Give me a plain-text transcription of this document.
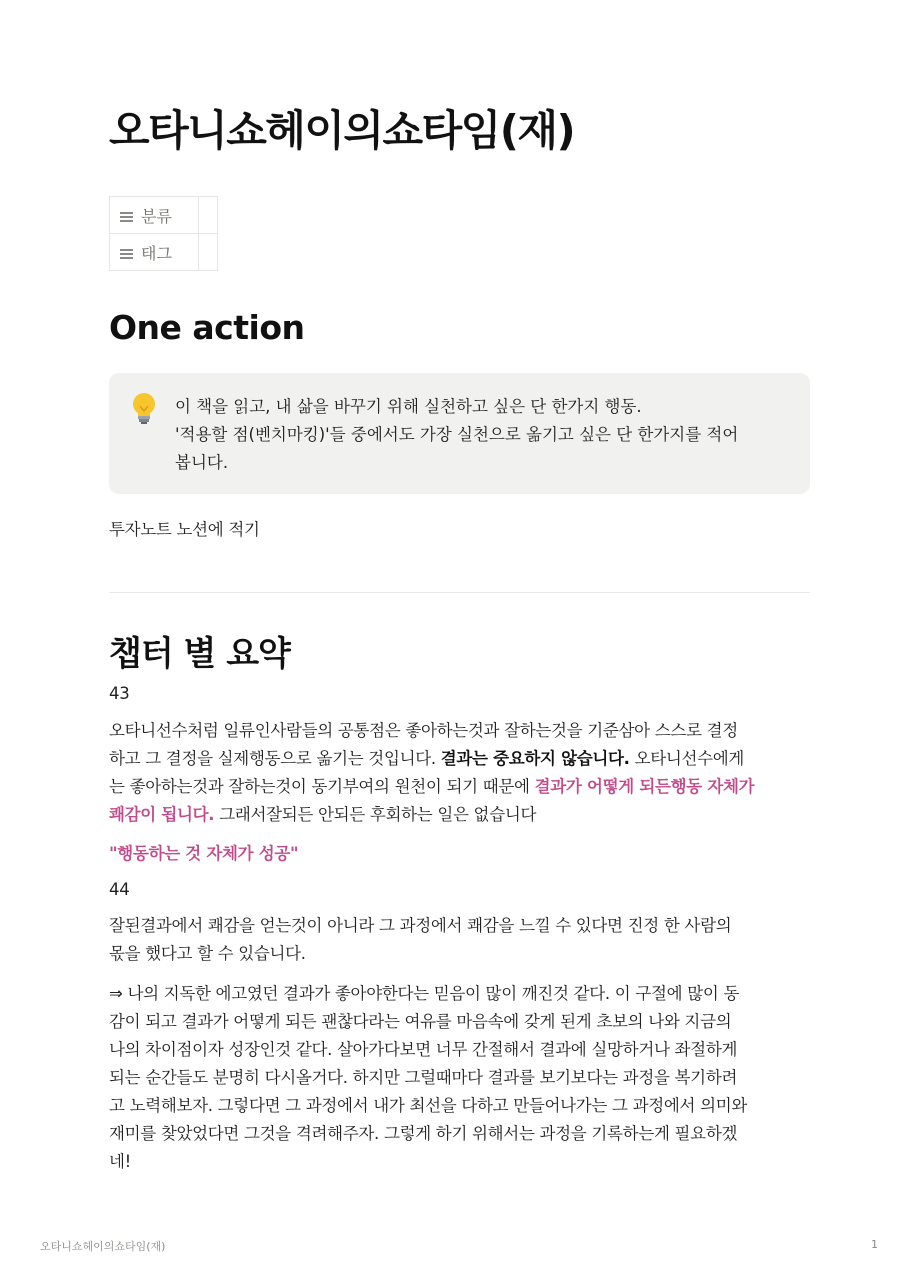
오타니쇼헤이의쇼타임(재)
분류	

태그	
One action
이 책을 읽고, 내 삶을 바꾸기 위해 실천하고 싶은 단 한가지 행동.
'적용할 점(벤치마킹)'들 중에서도 가장 실천으로 옮기고 싶은 단 한가지를 적어
봅니다.
투자노트 노션에 적기
챕터 별 요약
43
오타니선수처럼 일류인사람들의 공통점은 좋아하는것과 잘하는것을 기준삼아 스스로 결정
하고 그 결정을 실제행동으로 옮기는 것입니다. 결과는 중요하지 않습니다. 오타니선수에게
는 좋아하는것과 잘하는것이 동기부여의 원천이 되기 때문에 결과가 어떻게 되든행동 자체가
쾌감이 됩니다. 그래서잘되든 안되든 후회하는 일은 없습니다
"행동하는 것 자체가 성공"
44
잘된결과에서 쾌감을 얻는것이 아니라 그 과정에서 쾌감을 느낄 수 있다면 진정 한 사람의
몫을 했다고 할 수 있습니다.
⇒ 나의 지독한 에고였던 결과가 좋아야한다는 믿음이 많이 깨진것 같다. 이 구절에 많이 동
감이 되고 결과가 어떻게 되든 괜찮다라는 여유를 마음속에 갖게 된게 초보의 나와 지금의
나의 차이점이자 성장인것 같다. 살아가다보면 너무 간절해서 결과에 실망하거나 좌절하게
되는 순간들도 분명히 다시올거다. 하지만 그럴때마다 결과를 보기보다는 과정을 복기하려
고 노력해보자. 그렇다면 그 과정에서 내가 최선을 다하고 만들어나가는 그 과정에서 의미와
재미를 찾았었다면 그것을 격려해주자. 그렇게 하기 위해서는 과정을 기록하는게 필요하겠
네!
오타니쇼헤이의쇼타임(재)	1
